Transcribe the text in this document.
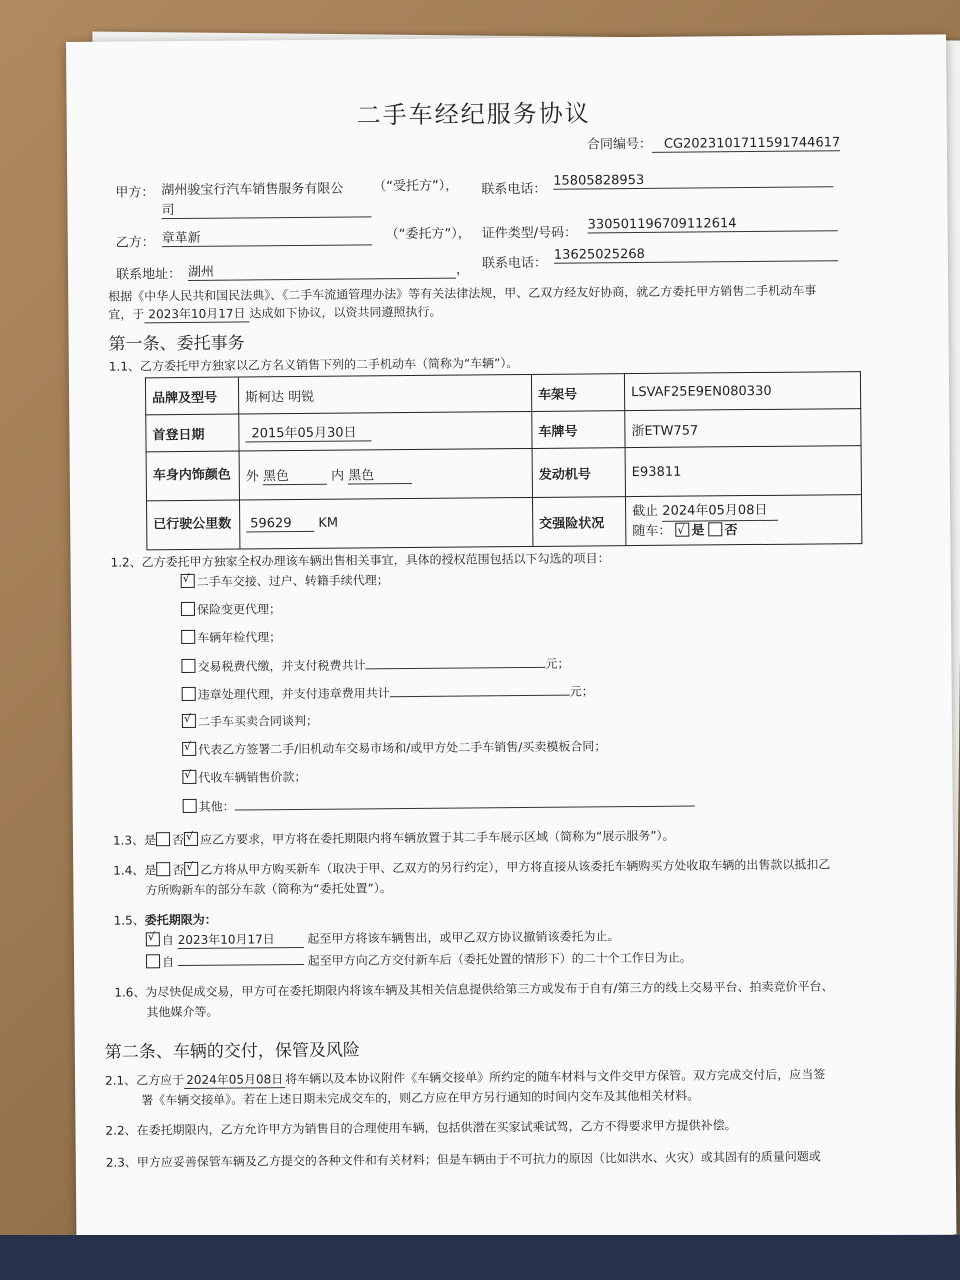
二手车经纪服务协议
合同编号： CG2023101711591744617
甲方： 湖州骏宝行汽车销售服务有限公
司
（“受托方”）， 联系电话：
15805828953
乙方： 章革新	（“委托方”）， 证件类型/号码：
330501196709112614
联系地址： 湖州	， 联系电话：
13625025268
根据《中华人民共和国民法典》、《二手车流通管理办法》等有关法律法规，甲、乙双方经友好协商，就乙方委托甲方销售二手机动车事
宜，于 2023年10月17日 达成如下协议，以资共同遵照执行。
第一条、委托事务
1.1、乙方委托甲方独家以乙方名义销售下列的二手机动车（简称为“车辆”）。
品牌及型号	斯柯达 明锐	车架号	LSVAF25E9EN080330
首登日期	2015年05月30日	车牌号	浙ETW757
车身内饰颜色	外 黑色 内 黑色	发动机号	E93811
已行驶公里数	59629 KM	交强险状况	截止 2024年05月08日
随车： √ 是 否
1.2、乙方委托甲方独家全权办理该车辆出售相关事宜，具体的授权范围包括以下勾选的项目：
1.3、是 否 √ 应乙方要求，甲方将在委托期限内将车辆放置于其二手车展示区域（简称为“展示服务”）。
1.4、是 否 √ 乙方将从甲方购买新车（取决于甲、乙双方的另行约定），甲方将直接从该委托车辆购买方处收取车辆的出售款以抵扣乙
方所购新车的部分车款（简称为“委托处置”）。
1.5、委托期限为：
√自 2023年10月17日	起至甲方将该车辆售出，或甲乙双方协议撤销该委托为止。
自	起至甲方向乙方交付新车后（委托处置的情形下）的二十个工作日为止。
1.6、为尽快促成交易，甲方可在委托期限内将该车辆及其相关信息提供给第三方或发布于自有/第三方的线上交易平台、拍卖竞价平台、
其他媒介等。
第二条、车辆的交付，保管及风险
2.1、乙方应于 2024年05月08日 将车辆以及本协议附件《车辆交接单》所约定的随车材料与文件交甲方保管。双方完成交付后，应当签
署《车辆交接单》。若在上述日期未完成交车的，则乙方应在甲方另行通知的时间内交车及其他相关材料。
2.2、在委托期限内，乙方允许甲方为销售目的合理使用车辆，包括供潜在买家试乘试驾，乙方不得要求甲方提供补偿。
2.3、甲方应妥善保管车辆及乙方提交的各种文件和有关材料；但是车辆由于不可抗力的原因（比如洪水、火灾）或其固有的质量问题或
√二手车交接、过户、转籍手续代理；
保险变更代理；
车辆年检代理；
交易税费代缴，并支付税费共计	元；
违章处理代理，并支付违章费用共计	元；
√二手车买卖合同谈判；
√代表乙方签署二手/旧机动车交易市场和/或甲方处二手车销售/买卖模板合同；
√代收车辆销售价款；
其他：
